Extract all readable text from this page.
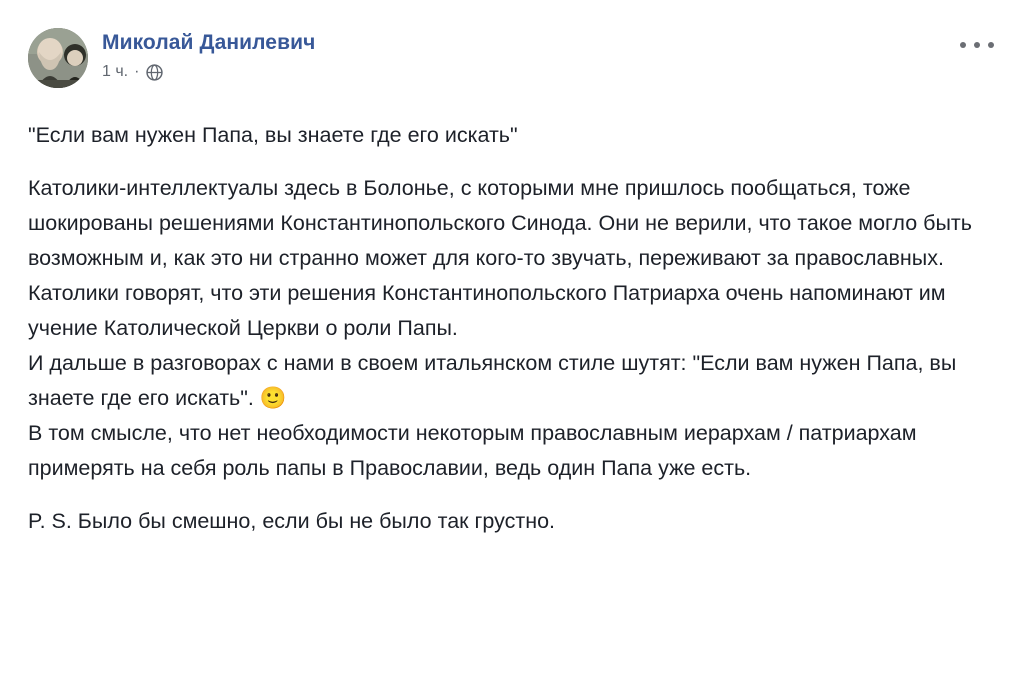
Миколай Данилевич
1 ч. ·

"Если вам нужен Папа, вы знаете где его искать"

Католики-интеллектуалы здесь в Болонье, с которыми мне пришлось пообщаться, тоже шокированы решениями Константинопольского Синода. Они не верили, что такое могло быть возможным и, как это ни странно может для кого-то звучать, переживают за православных.

Католики говорят, что эти решения Константинопольского Патриарха очень напоминают им учение Католической Церкви о роли Папы.

И дальше в разговорах с нами в своем итальянском стиле шутят: "Если вам нужен Папа, вы знаете где его искать". 🙂

В том смысле, что нет необходимости некоторым православным иерархам / патриархам примерять на себя роль папы в Православии, ведь один Папа уже есть.

P. S. Было бы смешно, если бы не было так грустно.
